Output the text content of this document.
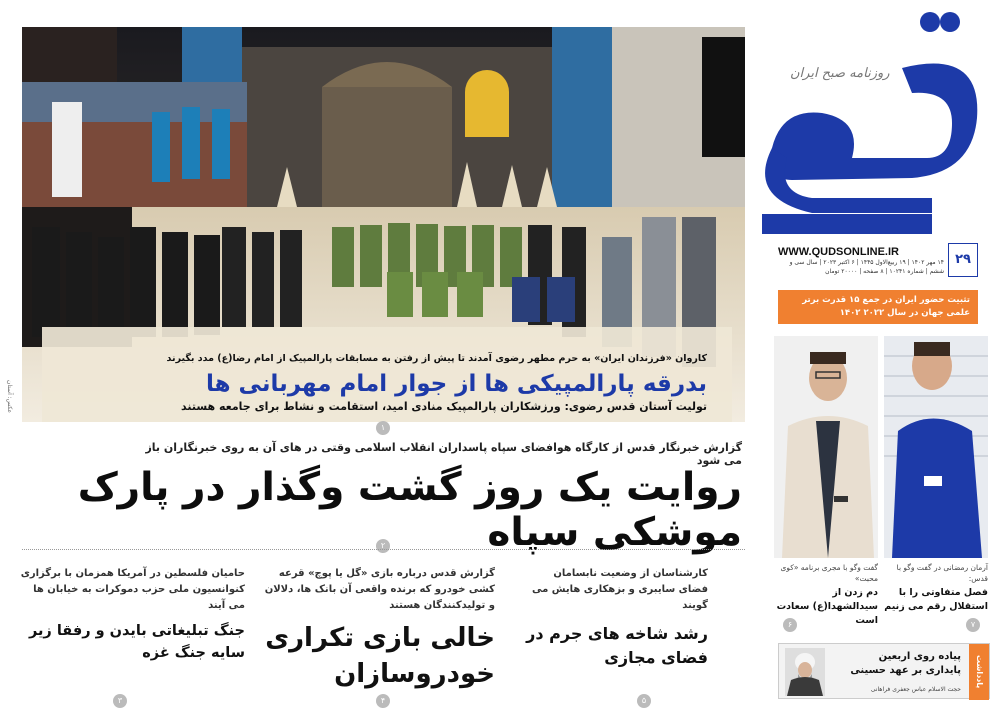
روزنامه صبح ایران
WWW.QUDSONLINE.IR	۲۹
۱۴ مهر ۱۴۰۲ | ۱۹ ربیع‌الاول ۱۴۴۵ | ۶ اکتبر ۲۰۲۳ | سال سی و ششم | شماره ۱۰۲۴۱ | ۸ صفحه | ۲۰۰۰۰ تومان
تثبیت حضور ایران در جمع ۱۵ قدرت برتر علمی جهان در سال ۲۰۲۲ ۱۴۰۲
کاروان «فرزندان ایران» به حرم مطهر رضوی آمدند تا پیش از رفتن به مسابقات پارالمپیک از امام رضا(ع) مدد بگیرند
بدرقه پارالمپیکی ها از جوار امام مهربانی ها
تولیت آستان قدس رضوی: ورزشکاران پارالمپیک منادی امید، استقامت و نشاط برای جامعه هستند
عکس: آستان
۱
گزارش خبرنگار قدس از کارگاه هوافضای سپاه پاسداران انقلاب اسلامی وقتی در های آن به روی خبرنگاران باز می شود
روایت یک روز گشت وگذار در پارک موشکی سپاه
۲
کارشناسان از وضعیت نابسامان فضای سایبری و بزهکاری هایش می گویند
رشد شاخه های جرم در فضای مجازی
۵
گزارش قدس درباره بازی «گل یا پوچ» قرعه کشی خودرو که برنده واقعی آن بانک ها، دلالان و تولیدکنندگان هستند
خالی بازی تکراری خودروسازان
۴
حامیان فلسطین در آمریکا همزمان با برگزاری کنوانسیون ملی حزب دموکرات به خیابان ها می آیند
جنگ تبلیغاتی بایدن و رفقا زیر سایه جنگ غزه
۳
آرمان رمضانی در گفت وگو با قدس:
فصل متفاوتی را با استقلال رقم می زنیم
گفت وگو با مجری برنامه «کوی محبت»
دم زدن از سیدالشهدا(ع) سعادت است	۷
۶
یادداشت
پیاده روی اربعین پایداری بر عهد حسینی
حجت الاسلام عباس جعفری فراهانی
